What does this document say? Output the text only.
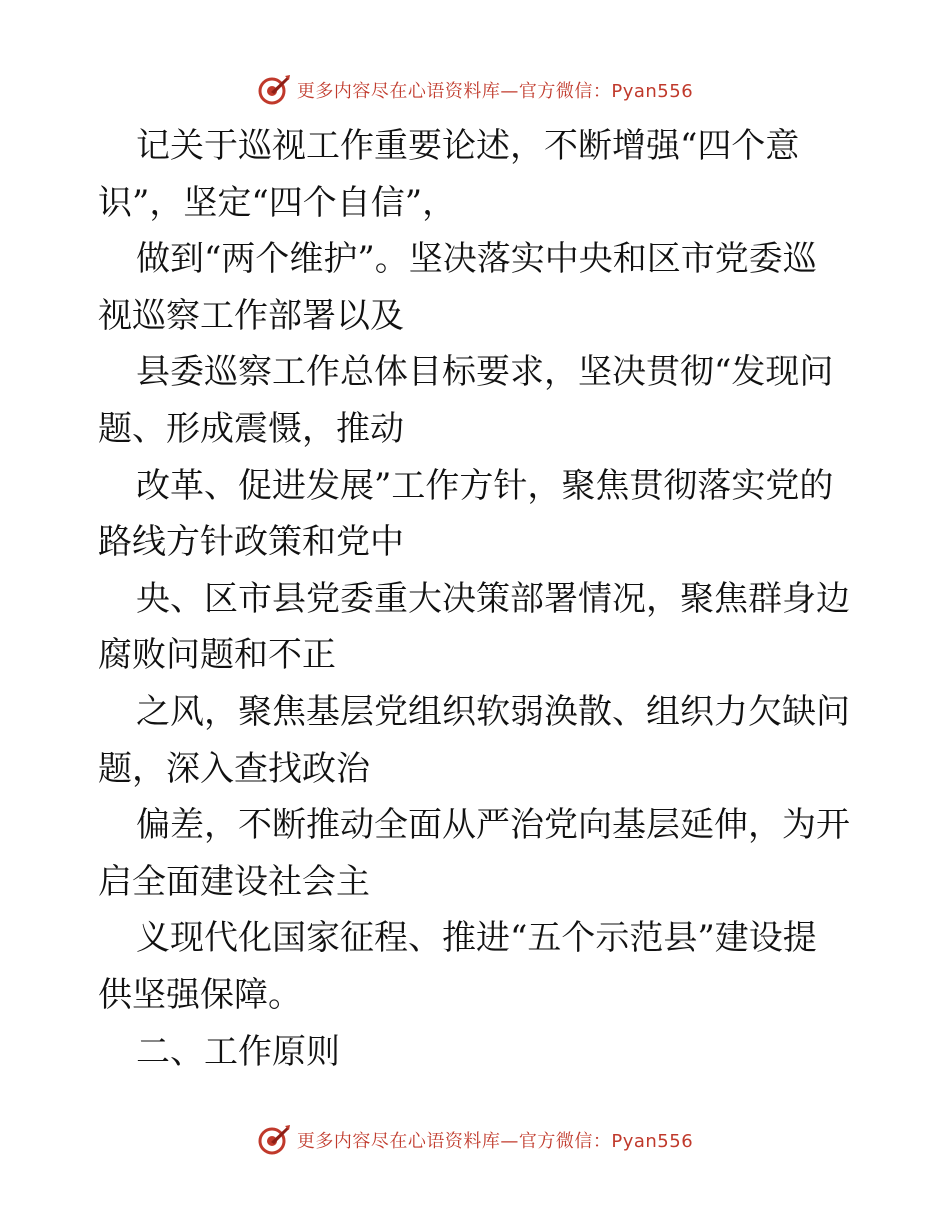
更多内容尽在心语资料库—官方微信：Pyan556
记关于巡视工作重要论述，不断增强“四个意
识”，坚定“四个自信”，
做到“两个维护”。坚决落实中央和区市党委巡
视巡察工作部署以及
县委巡察工作总体目标要求，坚决贯彻“发现问
题、形成震慑，推动
改革、促进发展”工作方针，聚焦贯彻落实党的
路线方针政策和党中
央、区市县党委重大决策部署情况，聚焦群身边
腐败问题和不正
之风，聚焦基层党组织软弱涣散、组织力欠缺问
题，深入查找政治
偏差，不断推动全面从严治党向基层延伸，为开
启全面建设社会主
义现代化国家征程、推进“五个示范县”建设提
供坚强保障。
二、工作原则
更多内容尽在心语资料库—官方微信：Pyan556
